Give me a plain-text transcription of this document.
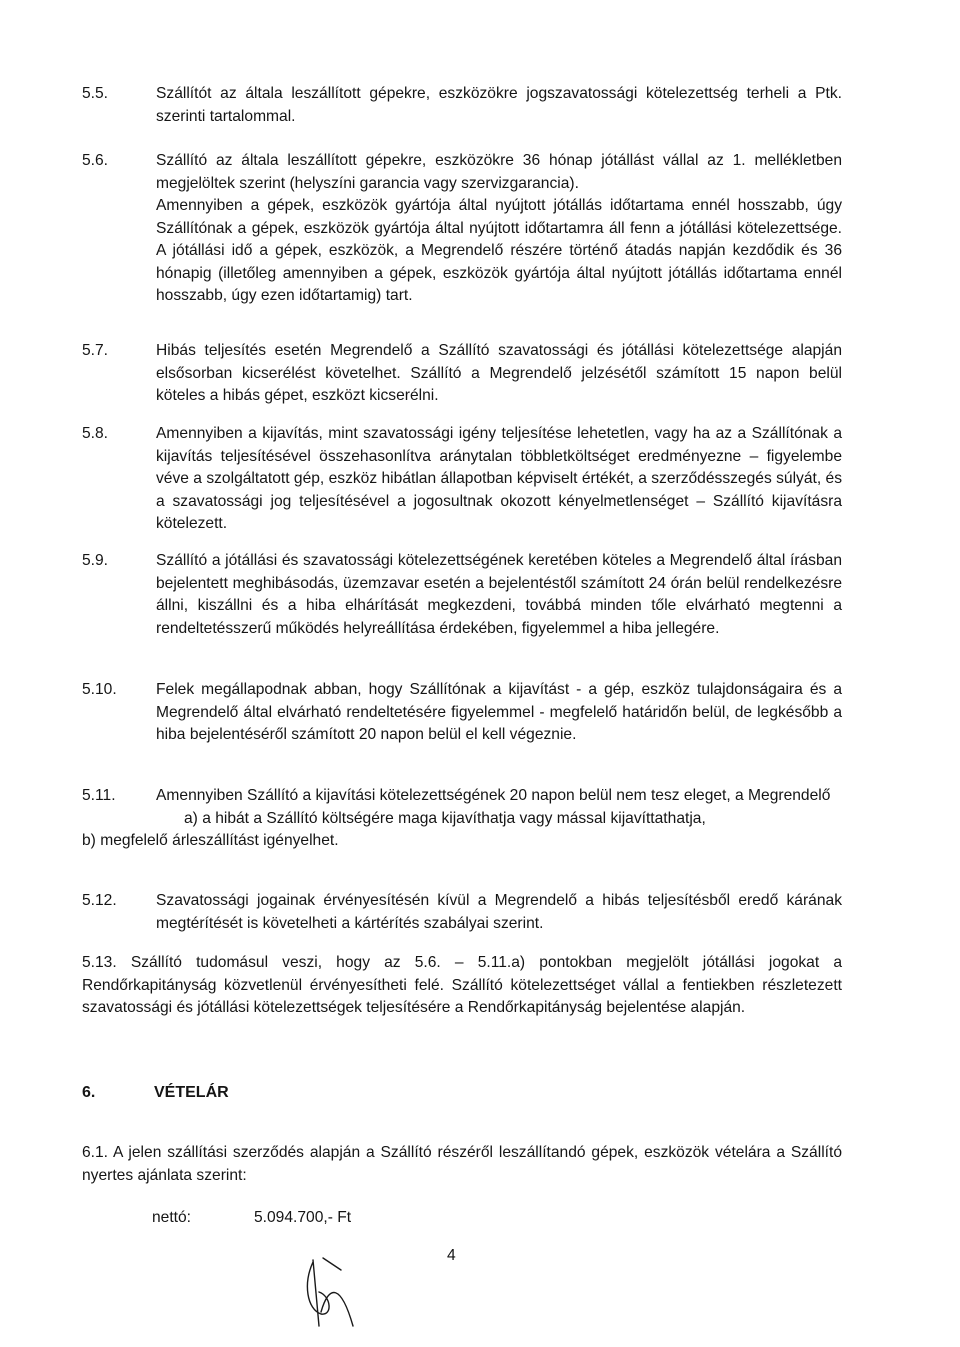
5.5.	Szállítót az általa leszállított gépekre, eszközökre jogszavatossági kötelezettség terheli a Ptk. szerinti tartalommal.
5.6.	Szállító az általa leszállított gépekre, eszközökre 36 hónap jótállást vállal az 1. mellékletben megjelöltek szerint (helyszíni garancia vagy szervizgarancia).
Amennyiben a gépek, eszközök gyártója által nyújtott jótállás időtartama ennél hosszabb, úgy Szállítónak a gépek, eszközök gyártója által nyújtott időtartamra áll fenn a jótállási kötelezettsége. A jótállási idő a gépek, eszközök, a Megrendelő részére történő átadás napján kezdődik és 36 hónapig (illetőleg amennyiben a gépek, eszközök gyártója által nyújtott jótállás időtartama ennél hosszabb, úgy ezen időtartamig) tart.
5.7.	Hibás teljesítés esetén Megrendelő a Szállító szavatossági és jótállási kötelezettsége alapján elsősorban kicserélést követelhet. Szállító a Megrendelő jelzésétől számított 15 napon belül köteles a hibás gépet, eszközt kicserélni.
5.8.	Amennyiben a kijavítás, mint szavatossági igény teljesítése lehetetlen, vagy ha az a Szállítónak a kijavítás teljesítésével összehasonlítva aránytalan többletköltséget eredményezne – figyelembe véve a szolgáltatott gép, eszköz hibátlan állapotban képviselt értékét, a szerződésszegés súlyát, és a szavatossági jog teljesítésével a jogosultnak okozott kényelmetlenséget – Szállító kijavításra kötelezett.
5.9.	Szállító a jótállási és szavatossági kötelezettségének keretében köteles a Megrendelő által írásban bejelentett meghibásodás, üzemzavar esetén a bejelentéstől számított 24 órán belül rendelkezésre állni, kiszállni és a hiba elhárítását megkezdeni, továbbá minden tőle elvárható megtenni a rendeltetésszerű működés helyreállítása érdekében, figyelemmel a hiba jellegére.
5.10.	Felek megállapodnak abban, hogy Szállítónak a kijavítást - a gép, eszköz tulajdonságaira és a Megrendelő által elvárható rendeltetésére figyelemmel - megfelelő határidőn belül, de legkésőbb a hiba bejelentéséről számított 20 napon belül el kell végeznie.
5.11.	Amennyiben Szállító a kijavítási kötelezettségének 20 napon belül nem tesz eleget, a Megrendelő
a) a hibát a Szállító költségére maga kijavíthatja vagy mással kijavíttathatja,
b) megfelelő árleszállítást igényelhet.
5.12.	Szavatossági jogainak érvényesítésén kívül a Megrendelő a hibás teljesítésből eredő kárának megtérítését is követelheti a kártérítés szabályai szerint.
5.13. Szállító tudomásul veszi, hogy az 5.6. – 5.11.a) pontokban megjelölt jótállási jogokat a Rendőrkapitányság közvetlenül érvényesítheti felé. Szállító kötelezettséget vállal a fentiekben részletezett szavatossági és jótállási kötelezettségek teljesítésére a Rendőrkapitányság bejelentése alapján.
6.	VÉTELÁR
6.1. A jelen szállítási szerződés alapján a Szállító részéről leszállítandó gépek, eszközök vételára a Szállító nyertes ajánlata szerint:
nettó:	5.094.700,- Ft
4
